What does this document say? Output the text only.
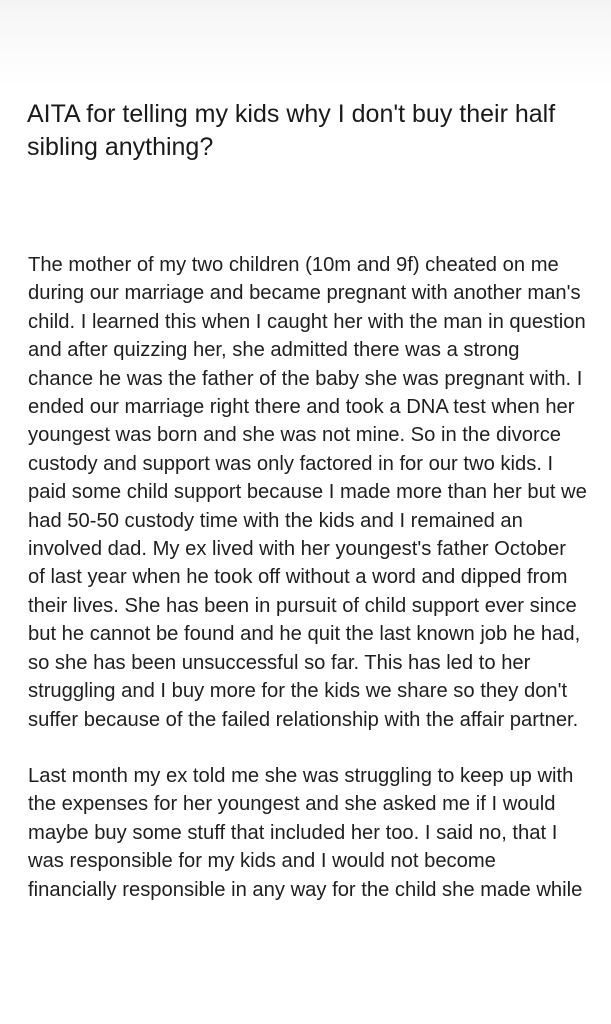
AITA for telling my kids why I don't buy their half sibling anything?

The mother of my two children (10m and 9f) cheated on me during our marriage and became pregnant with another man's child. I learned this when I caught her with the man in question and after quizzing her, she admitted there was a strong chance he was the father of the baby she was pregnant with. I ended our marriage right there and took a DNA test when her youngest was born and she was not mine. So in the divorce custody and support was only factored in for our two kids. I paid some child support because I made more than her but we had 50-50 custody time with the kids and I remained an involved dad. My ex lived with her youngest's father October of last year when he took off without a word and dipped from their lives. She has been in pursuit of child support ever since but he cannot be found and he quit the last known job he had, so she has been unsuccessful so far. This has led to her struggling and I buy more for the kids we share so they don't suffer because of the failed relationship with the affair partner.

Last month my ex told me she was struggling to keep up with the expenses for her youngest and she asked me if I would maybe buy some stuff that included her too. I said no, that I was responsible for my kids and I would not become financially responsible in any way for the child she made while
